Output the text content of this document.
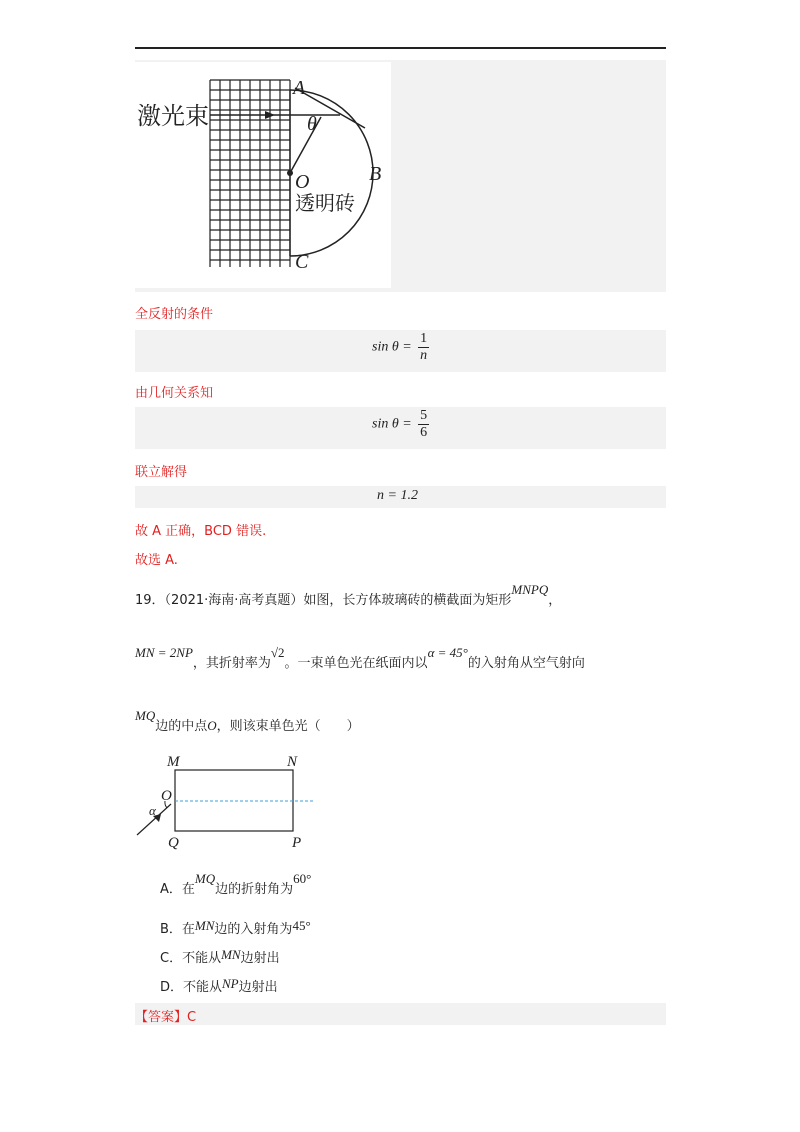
激光束
A
θ
B
O
透明砖
C
全反射的条件
$\sin \theta = \frac{1}{n}$
由几何关系知
$\sin \theta = \frac{5}{6}$
联立解得
n = 1.2
故 A 正确，BCD 错误.
故选 A.
19．（2021·海南·高考真题）如图，长方体玻璃砖的横截面为矩形MNPQ，
MN = 2NP，其折射率为√2。一束单色光在纸面内以α = 45°的入射角从空气射向
MQ边的中点O，则该束单色光（　　）
M	N
O
α
Q	P
A．在MQ边的折射角为60°
B．在MN边的入射角为45°
C．不能从MN边射出
D．不能从NP边射出
【答案】C
